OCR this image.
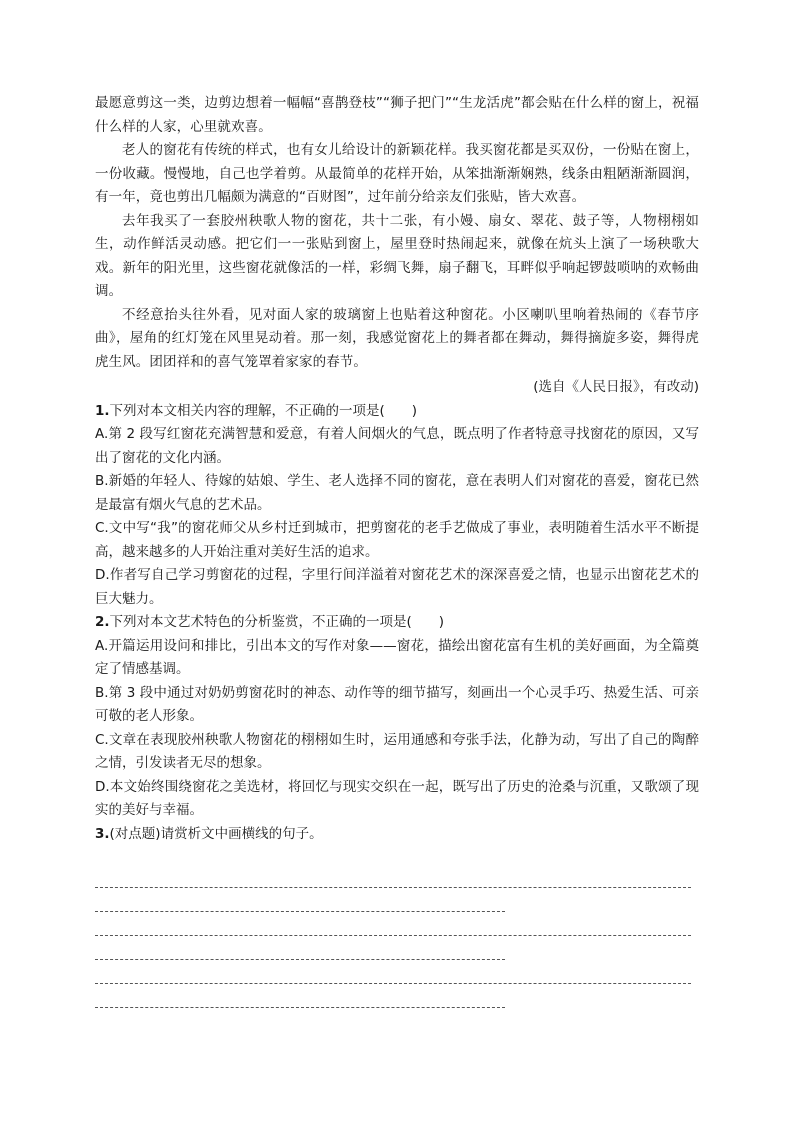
最愿意剪这一类，边剪边想着一幅幅“喜鹊登枝”“狮子把门”“生龙活虎”都会贴在什么样的窗上，祝福什么样的人家，心里就欢喜。

老人的窗花有传统的样式，也有女儿给设计的新颖花样。我买窗花都是买双份，一份贴在窗上，一份收藏。慢慢地，自己也学着剪。从最简单的花样开始，从笨拙渐渐娴熟，线条由粗陋渐渐圆润，有一年，竟也剪出几幅颇为满意的“百财图”，过年前分给亲友们张贴，皆大欢喜。

去年我买了一套胶州秧歌人物的窗花，共十二张，有小嫚、扇女、翠花、鼓子等，人物栩栩如生，动作鲜活灵动感。把它们一一张贴到窗上，屋里登时热闹起来，就像在炕头上演了一场秧歌大戏。新年的阳光里，这些窗花就像活的一样，彩绸飞舞，扇子翻飞，耳畔似乎响起锣鼓唢呐的欢畅曲调。

不经意抬头往外看，见对面人家的玻璃窗上也贴着这种窗花。小区喇叭里响着热闹的《春节序曲》，屋角的红灯笼在风里晃动着。那一刻，我感觉窗花上的舞者都在舞动，舞得摘旋多姿，舞得虎虎生风。团团祥和的喜气笼罩着家家的春节。

(选自《人民日报》，有改动)

1.下列对本文相关内容的理解，不正确的一项是(　　)

A.第 2 段写红窗花充满智慧和爱意，有着人间烟火的气息，既点明了作者特意寻找窗花的原因，又写出了窗花的文化内涵。

B.新婚的年轻人、待嫁的姑娘、学生、老人选择不同的窗花，意在表明人们对窗花的喜爱，窗花已然是最富有烟火气息的艺术品。

C.文中写“我”的窗花师父从乡村迁到城市，把剪窗花的老手艺做成了事业，表明随着生活水平不断提高，越来越多的人开始注重对美好生活的追求。

D.作者写自己学习剪窗花的过程，字里行间洋溢着对窗花艺术的深深喜爱之情，也显示出窗花艺术的巨大魅力。

2.下列对本文艺术特色的分析鉴赏，不正确的一项是(　　)

A.开篇运用设问和排比，引出本文的写作对象——窗花，描绘出窗花富有生机的美好画面，为全篇奠定了情感基调。

B.第 3 段中通过对奶奶剪窗花时的神态、动作等的细节描写，刻画出一个心灵手巧、热爱生活、可亲可敬的老人形象。

C.文章在表现胶州秧歌人物窗花的栩栩如生时，运用通感和夸张手法，化静为动，写出了自己的陶醉之情，引发读者无尽的想象。

D.本文始终围绕窗花之美选材，将回忆与现实交织在一起，既写出了历史的沧桑与沉重，又歌颂了现实的美好与幸福。

3.(对点题)请赏析文中画横线的句子。
